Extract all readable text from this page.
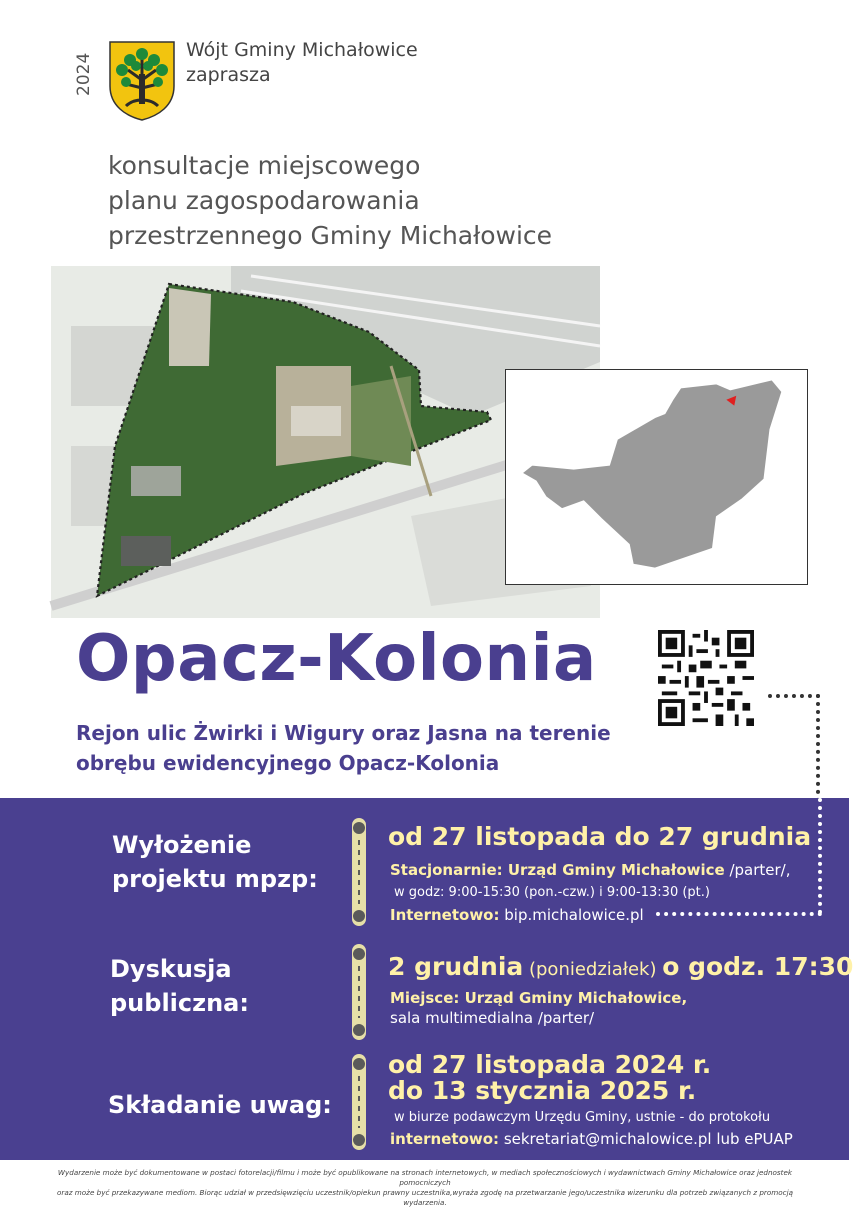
2024
Wójt Gminy Michałowice
zaprasza
konsultacje miejscowego
planu zagospodarowania
przestrzennego Gminy Michałowice
Opacz-Kolonia
Rejon ulic Żwirki i Wigury oraz Jasna na terenie
obrębu ewidencyjnego Opacz-Kolonia
Wyłożenie
projektu mpzp:
od 27 listopada do 27 grudnia
Stacjonarnie: Urząd Gminy Michałowice /parter/,
w godz: 9:00-15:30 (pon.-czw.) i 9:00-13:30 (pt.)
Internetowo: bip.michalowice.pl
Dyskusja
publiczna:
2 grudnia (poniedziałek) o godz. 17:30
Miejsce: Urząd Gminy Michałowice,
sala multimedialna /parter/
Składanie uwag:
od 27 listopada 2024 r.
do 13 stycznia 2025 r.
w biurze podawczym Urzędu Gminy, ustnie - do protokołu
internetowo: sekretariat@michalowice.pl lub ePUAP
Wydarzenie może być dokumentowane w postaci fotorelacji/filmu i może być opublikowane na stronach internetowych, w mediach społecznościowych i wydawnictwach Gminy Michałowice oraz jednostek pomocniczych
oraz może być przekazywane mediom. Biorąc udział w przedsięwzięciu uczestnik/opiekun prawny uczestnika,wyraża zgodę na przetwarzanie jego/uczestnika wizerunku dla potrzeb związanych z promocją wydarzenia.
